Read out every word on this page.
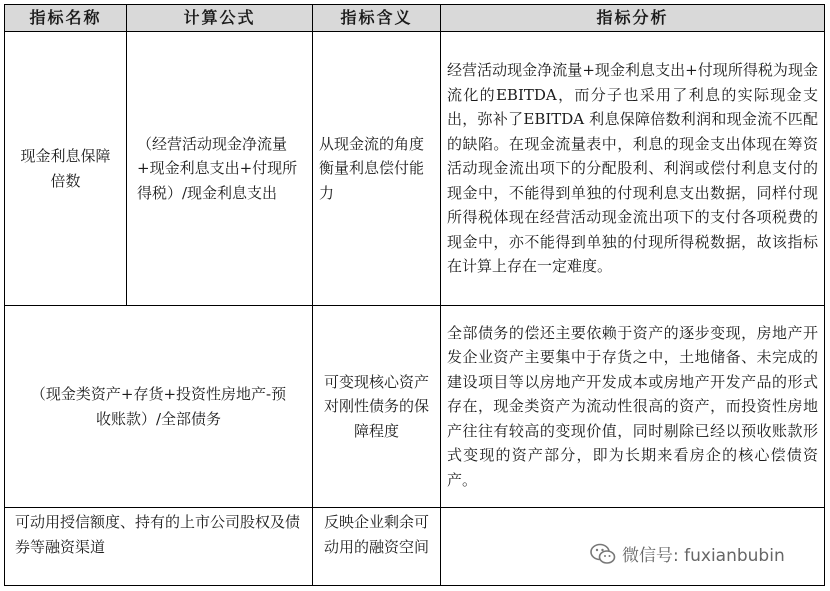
指标名称	计算公式	指标含义	指标分析
现金利息保障倍数	（经营活动现金净流量+现金利息支出+付现所得税）/现金利息支出	从现金流的角度衡量利息偿付能力	经营活动现金净流量+现金利息支出+付现所得税为现金流化的EBITDA，而分子也采用了利息的实际现金支出，弥补了EBITDA 利息保障倍数利润和现金流不匹配的缺陷。在现金流量表中，利息的现金支出体现在筹资活动现金流出项下的分配股利、利润或偿付利息支付的现金中，不能得到单独的付现利息支出数据，同样付现所得税体现在经营活动现金流出项下的支付各项税费的现金中，亦不能得到单独的付现所得税数据，故该指标在计算上存在一定难度。
（现金类资产+存货+投资性房地产-预收账款）/全部债务		可变现核心资产对刚性债务的保障程度	全部债务的偿还主要依赖于资产的逐步变现，房地产开发企业资产主要集中于存货之中，土地储备、未完成的建设项目等以房地产开发成本或房地产开发产品的形式存在，现金类资产为流动性很高的资产，而投资性房地产往往有较高的变现价值，同时剔除已经以预收账款形式变现的资产部分，即为长期来看房企的核心偿债资产。
可动用授信额度、持有的上市公司股权及债券等融资渠道		反映企业剩余可动用的融资空间		微信号: fuxianbubin
